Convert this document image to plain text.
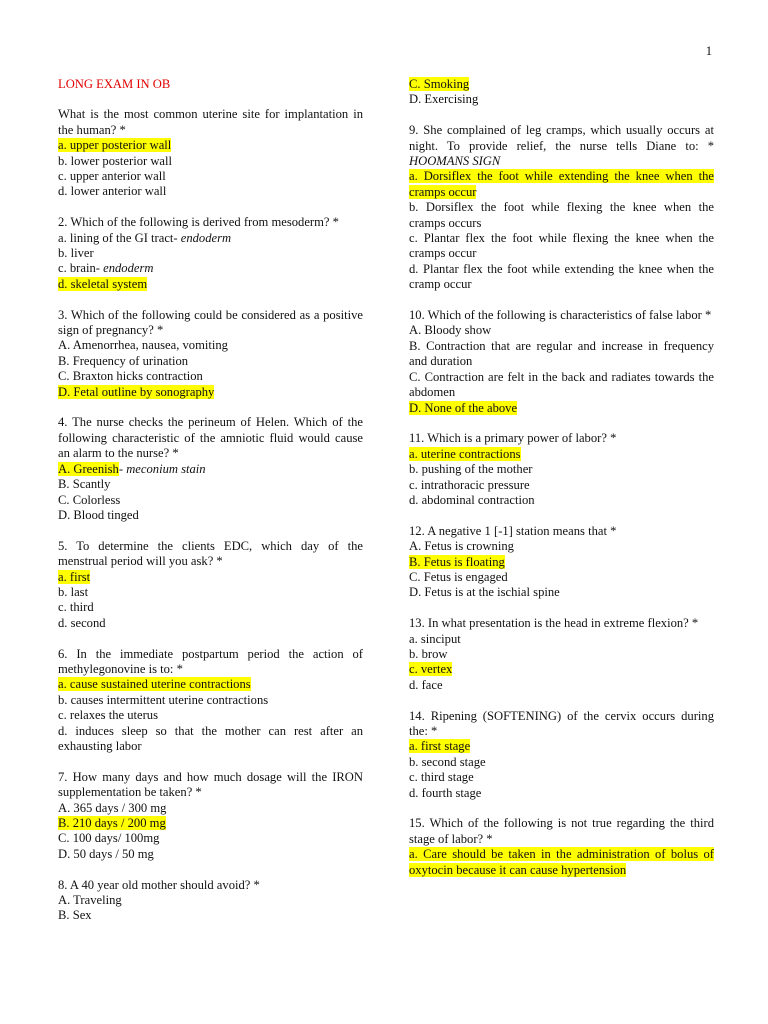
1
LONG EXAM IN OB
What is the most common uterine site for implantation in the human? *
a. upper posterior wall
b. lower posterior wall
c. upper anterior wall
d. lower anterior wall
2. Which of the following is derived from mesoderm? *
a. lining of the GI tract- endoderm
b. liver
c. brain- endoderm
d. skeletal system
3. Which of the following could be considered as a positive sign of pregnancy? *
A. Amenorrhea, nausea, vomiting
B. Frequency of urination
C. Braxton hicks contraction
D. Fetal outline by sonography
4. The nurse checks the perineum of Helen. Which of the following characteristic of the amniotic fluid would cause an alarm to the nurse? *
A. Greenish- meconium stain
B. Scantly
C. Colorless
D. Blood tinged
5. To determine the clients EDC, which day of the menstrual period will you ask? *
a. first
b. last
c. third
d. second
6. In the immediate postpartum period the action of methylegonovine is to: *
a. cause sustained uterine contractions
b. causes intermittent uterine contractions
c. relaxes the uterus
d. induces sleep so that the mother can rest after an exhausting labor
7. How many days and how much dosage will the IRON supplementation be taken? *
A. 365 days / 300 mg
B. 210 days / 200 mg
C. 100 days/ 100mg
D. 50 days / 50 mg
8. A 40 year old mother should avoid? *
A. Traveling
B. Sex
C. Smoking
D. Exercising
9. She complained of leg cramps, which usually occurs at night. To provide relief, the nurse tells Diane to: * HOOMANS SIGN
a. Dorsiflex the foot while extending the knee when the cramps occur
b. Dorsiflex the foot while flexing the knee when the cramps occurs
c. Plantar flex the foot while flexing the knee when the cramps occur
d. Plantar flex the foot while extending the knee when the cramp occur
10. Which of the following is characteristics of false labor *
A. Bloody show
B. Contraction that are regular and increase in frequency and duration
C. Contraction are felt in the back and radiates towards the abdomen
D. None of the above
11. Which is a primary power of labor? *
a. uterine contractions
b. pushing of the mother
c. intrathoracic pressure
d. abdominal contraction
12. A negative 1 [-1] station means that *
A. Fetus is crowning
B. Fetus is floating
C. Fetus is engaged
D. Fetus is at the ischial spine
13. In what presentation is the head in extreme flexion? *
a. sinciput
b. brow
c. vertex
d. face
14. Ripening (SOFTENING) of the cervix occurs during the: *
a. first stage
b. second stage
c. third stage
d. fourth stage
15. Which of the following is not true regarding the third stage of labor? *
a. Care should be taken in the administration of bolus of oxytocin because it can cause hypertension
